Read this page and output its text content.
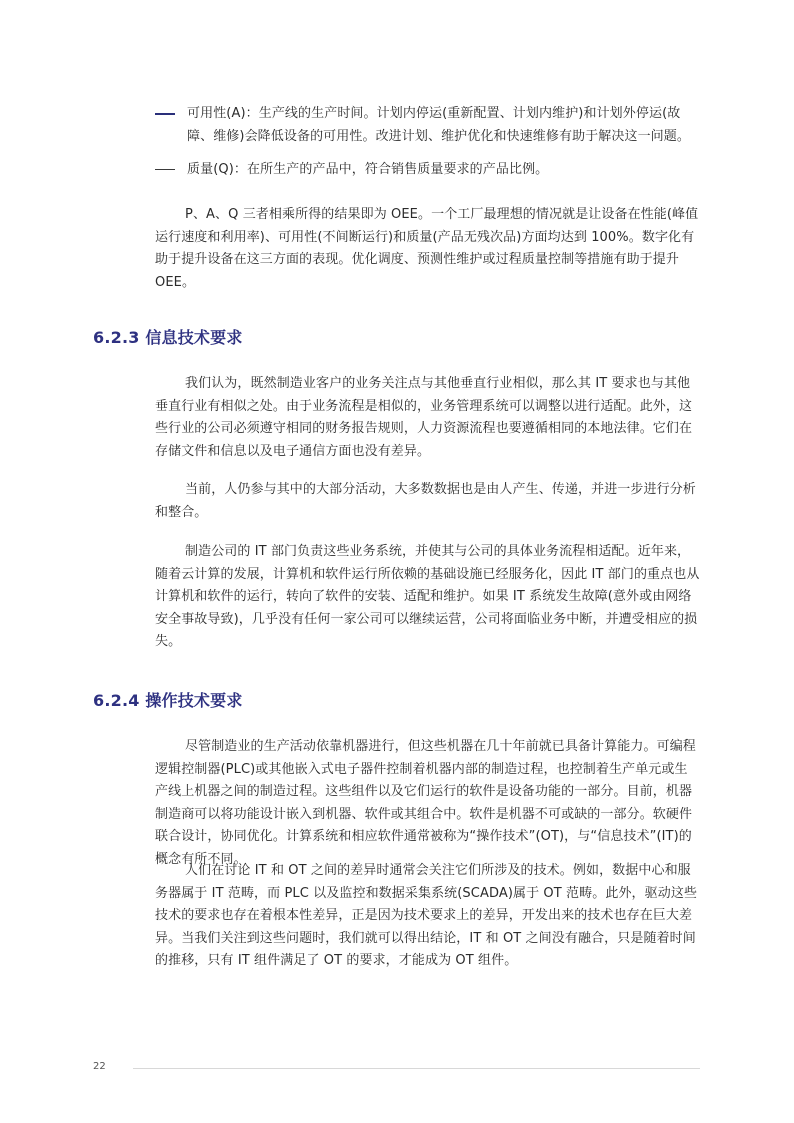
可用性(A)：生产线的生产时间。计划内停运(重新配置、计划内维护)和计划外停运(故障、维修)会降低设备的可用性。改进计划、维护优化和快速维修有助于解决这一问题。
质量(Q)：在所生产的产品中，符合销售质量要求的产品比例。

P、A、Q 三者相乘所得的结果即为 OEE。一个工厂最理想的情况就是让设备在性能(峰值运行速度和利用率)、可用性(不间断运行)和质量(产品无残次品)方面均达到 100%。数字化有助于提升设备在这三方面的表现。优化调度、预测性维护或过程质量控制等措施有助于提升 OEE。

6.2.3 信息技术要求

我们认为，既然制造业客户的业务关注点与其他垂直行业相似，那么其 IT 要求也与其他垂直行业有相似之处。由于业务流程是相似的，业务管理系统可以调整以进行适配。此外，这些行业的公司必须遵守相同的财务报告规则，人力资源流程也要遵循相同的本地法律。它们在存储文件和信息以及电子通信方面也没有差异。

当前，人仍参与其中的大部分活动，大多数数据也是由人产生、传递，并进一步进行分析和整合。

制造公司的 IT 部门负责这些业务系统，并使其与公司的具体业务流程相适配。近年来，随着云计算的发展，计算机和软件运行所依赖的基础设施已经服务化，因此 IT 部门的重点也从计算机和软件的运行，转向了软件的安装、适配和维护。如果 IT 系统发生故障(意外或由网络安全事故导致)，几乎没有任何一家公司可以继续运营，公司将面临业务中断，并遭受相应的损失。

6.2.4 操作技术要求

尽管制造业的生产活动依靠机器进行，但这些机器在几十年前就已具备计算能力。可编程逻辑控制器(PLC)或其他嵌入式电子器件控制着机器内部的制造过程，也控制着生产单元或生产线上机器之间的制造过程。这些组件以及它们运行的软件是设备功能的一部分。目前，机器制造商可以将功能设计嵌入到机器、软件或其组合中。软件是机器不可或缺的一部分。软硬件联合设计，协同优化。计算系统和相应软件通常被称为“操作技术”(OT)，与“信息技术”(IT)的概念有所不同。

人们在讨论 IT 和 OT 之间的差异时通常会关注它们所涉及的技术。例如，数据中心和服务器属于 IT 范畴，而 PLC 以及监控和数据采集系统(SCADA)属于 OT 范畴。此外，驱动这些技术的要求也存在着根本性差异，正是因为技术要求上的差异，开发出来的技术也存在巨大差异。当我们关注到这些问题时，我们就可以得出结论，IT 和 OT 之间没有融合，只是随着时间的推移，只有 IT 组件满足了 OT 的要求，才能成为 OT 组件。

22
